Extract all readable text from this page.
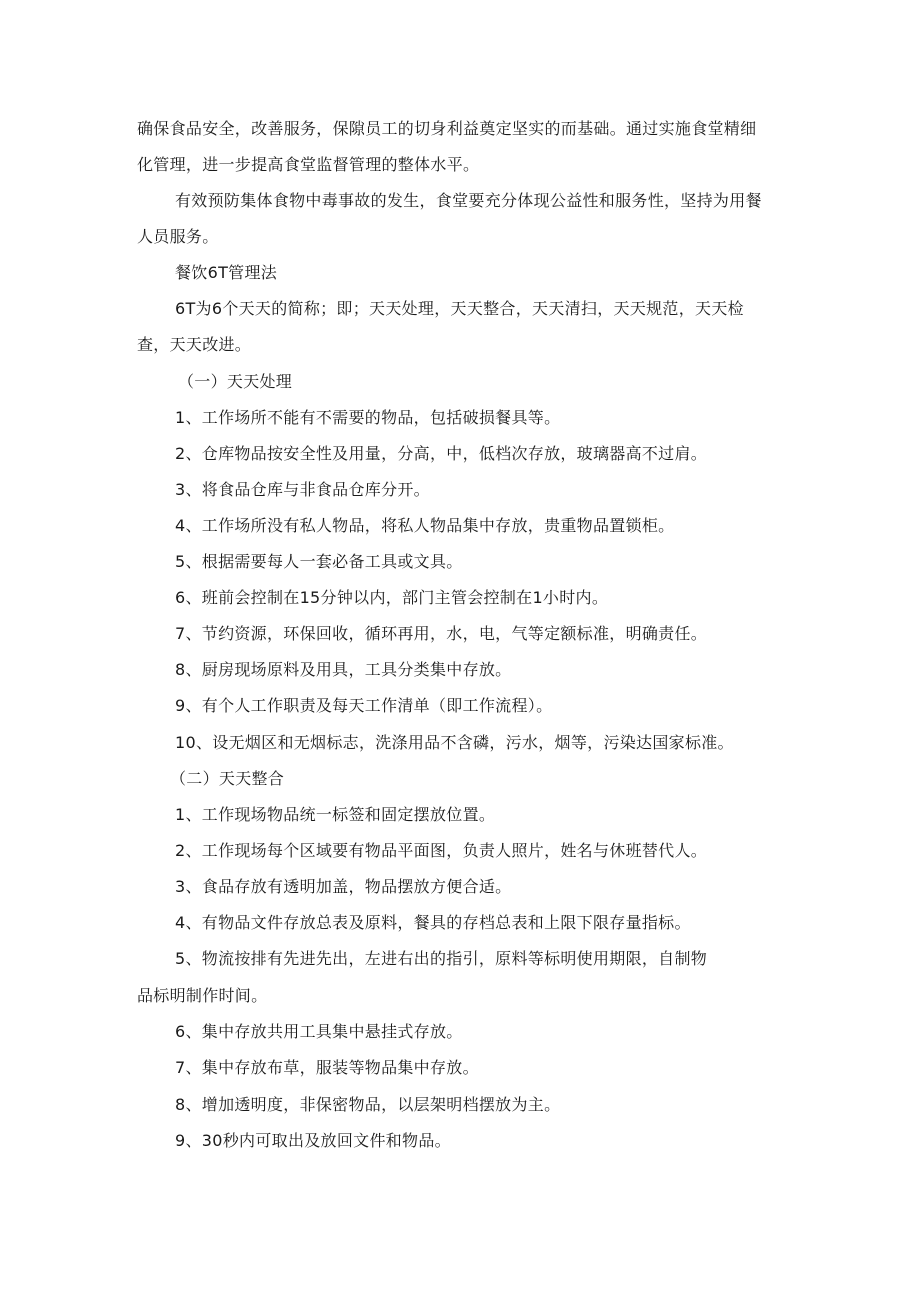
确保食品安全，改善服务，保隙员工的切身利益奠定坚实的而基础。通过实施食堂精细
化管理，进一步提高食堂监督管理的整体水平。
有效预防集体食物中毒事故的发生，食堂要充分体现公益性和服务性，坚持为用餐
人员服务。
餐饮6T管理法
6T为6个天天的简称；即；天天处理，天天整合，天天清扫，天天规范，天天检
查，天天改进。
（一）天天处理
1、工作场所不能有不需要的物品，包括破损餐具等。
2、仓库物品按安全性及用量，分高，中，低档次存放，玻璃器高不过肩。
3、将食品仓库与非食品仓库分开。
4、工作场所没有私人物品，将私人物品集中存放，贵重物品置锁柜。
5、根据需要每人一套必备工具或文具。
6、班前会控制在15分钟以内，部门主管会控制在1小时内。
7、节约资源，环保回收，循环再用，水，电，气等定额标准，明确责任。
8、厨房现场原料及用具，工具分类集中存放。
9、有个人工作职责及每天工作清单（即工作流程）。
10、设无烟区和无烟标志，洗涤用品不含磷，污水，烟等，污染达国家标准。
（二）天天整合
1、工作现场物品统一标签和固定摆放位置。
2、工作现场每个区域要有物品平面图，负责人照片，姓名与休班替代人。
3、食品存放有透明加盖，物品摆放方便合适。
4、有物品文件存放总表及原料，餐具的存档总表和上限下限存量指标。
5、物流按排有先进先出，左进右出的指引，原料等标明使用期限，自制物
品标明制作时间。
6、集中存放共用工具集中悬挂式存放。
7、集中存放布草，服装等物品集中存放。
8、增加透明度，非保密物品，以层架明档摆放为主。
9、30秒内可取出及放回文件和物品。
